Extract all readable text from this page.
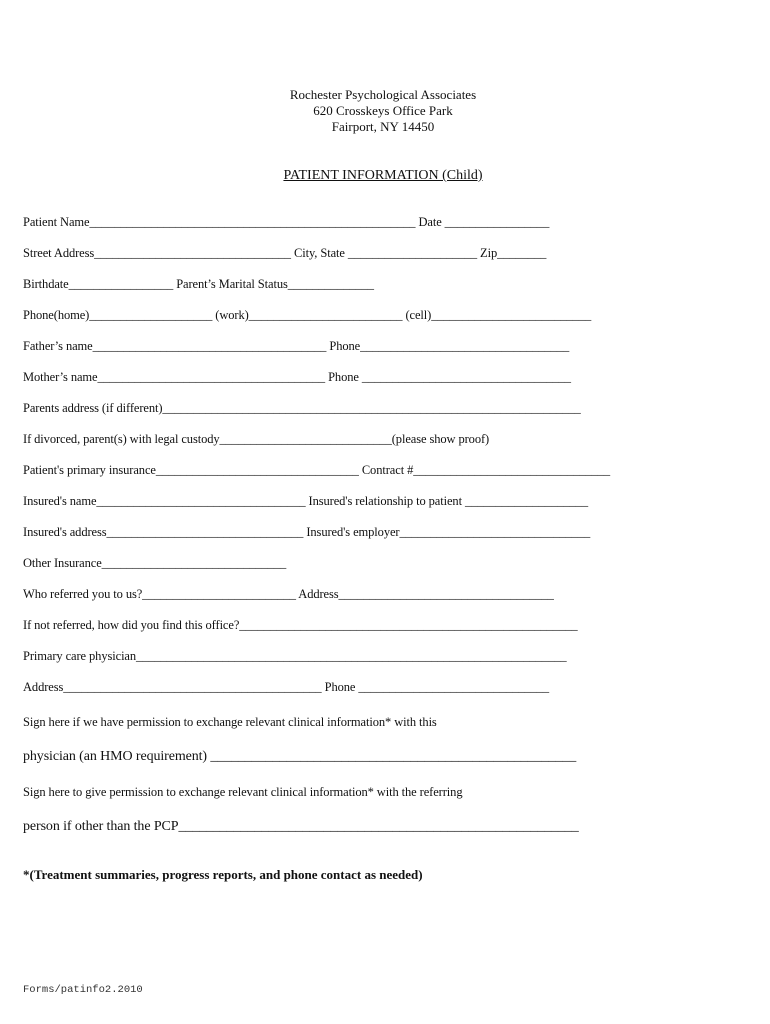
Rochester Psychological Associates
620 Crosskeys Office Park
Fairport, NY 14450
PATIENT INFORMATION (Child)
Patient Name_____________________________________________________ Date _________________
Street Address________________________________ City, State _____________________ Zip________
Birthdate_________________ Parent’s Marital Status______________
Phone(home)____________________ (work)_________________________ (cell)__________________________
Father’s name______________________________________ Phone__________________________________
Mother’s name_____________________________________ Phone __________________________________
Parents address (if different)____________________________________________________________________
If divorced, parent(s) with legal custody____________________________(please show proof)
Patient's primary insurance_________________________________ Contract #________________________________
Insured's name__________________________________ Insured's relationship to patient ____________________
Insured's address________________________________ Insured's employer_______________________________
Other Insurance______________________________
Who referred you to us?_________________________ Address___________________________________
If not referred, how did you find this office?_______________________________________________________
Primary care physician______________________________________________________________________
Address__________________________________________ Phone _______________________________
Sign here if we have permission to exchange relevant clinical information* with this
physician (an HMO requirement) _____________________________________________________
Sign here to give permission to exchange relevant clinical information* with the referring
person if other than the PCP__________________________________________________________
*(Treatment summaries, progress reports, and phone contact as needed)
Forms/patinfo2.2010
